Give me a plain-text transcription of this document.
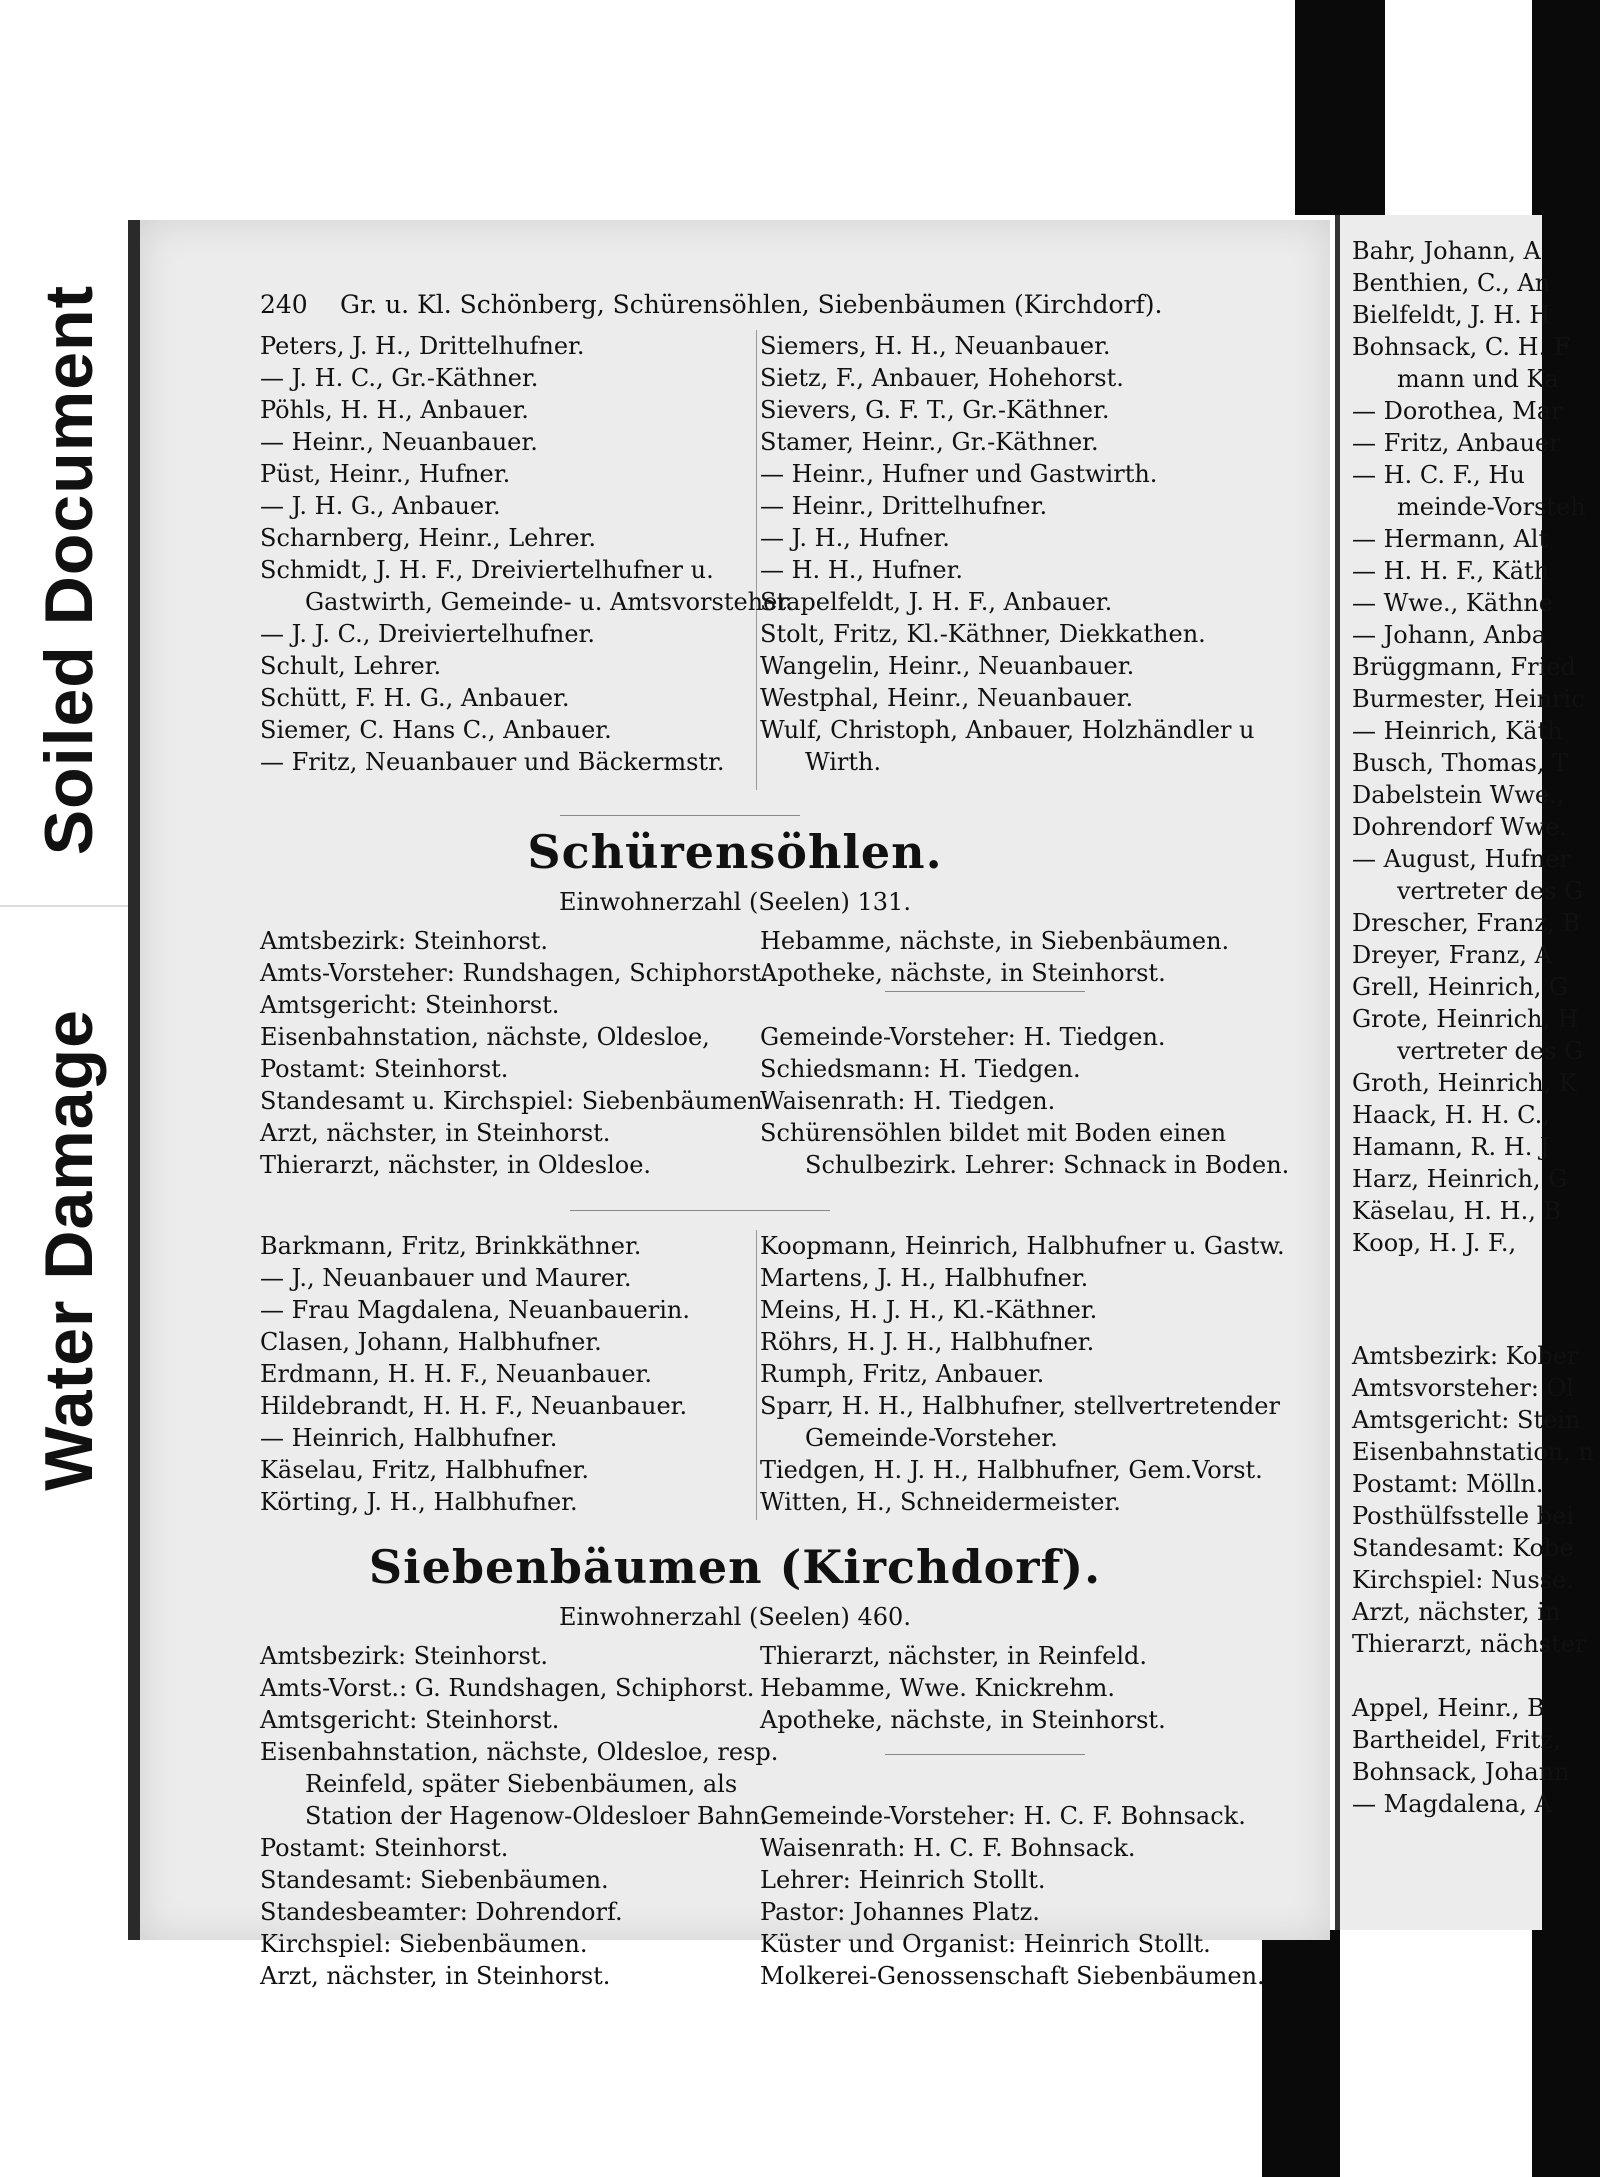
Soiled Document
Water Damage
Bahr, Johann, A
Benthien, C., An
Bielfeldt, J. H. H
Bohnsack, C. H. F
mann und Ka
— Dorothea, Mar
— Fritz, Anbauer
— H. C. F., Hu
meinde-Vorsteh
— Hermann, Alt
— H. H. F., Käth
— Wwe., Käthne
— Johann, Anba
Brüggmann, Fried
Burmester, Heinric
— Heinrich, Käth
Busch, Thomas, T
Dabelstein Wwe.,
Dohrendorf Wwe.
— August, Hufner
vertreter des G
Drescher, Franz, B
Dreyer, Franz, A
Grell, Heinrich, G
Grote, Heinrich, H
vertreter des G
Groth, Heinrich, K
Haack, H. H. C.,
Hamann, R. H. J
Harz, Heinrich, G
Käselau, H. H., B
Koop, H. J. F.,
Amtsbezirk: Kober
Amtsvorsteher: Ol
Amtsgericht: Stein
Eisenbahnstation, n
Postamt: Mölln.
Posthülfsstelle bei
Standesamt: Kobe
Kirchspiel: Nusse.
Arzt, nächster, in
Thierarzt, nächster

Appel, Heinr., B
Bartheidel, Fritz,
Bohnsack, Johann
— Magdalena, A
240 Gr. u. Kl. Schönberg, Schürensöhlen, Siebenbäumen (Kirchdorf).
Peters, J. H., Drittelhufner.
— J. H. C., Gr.-Käthner.
Pöhls, H. H., Anbauer.
— Heinr., Neuanbauer.
Püst, Heinr., Hufner.
— J. H. G., Anbauer.
Scharnberg, Heinr., Lehrer.
Schmidt, J. H. F., Dreiviertelhufner u.
Gastwirth, Gemeinde- u. Amtsvorsteher.
— J. J. C., Dreiviertelhufner.
Schult, Lehrer.
Schütt, F. H. G., Anbauer.
Siemer, C. Hans C., Anbauer.
— Fritz, Neuanbauer und Bäckermstr.
Siemers, H. H., Neuanbauer.
Sietz, F., Anbauer, Hohehorst.
Sievers, G. F. T., Gr.-Käthner.
Stamer, Heinr., Gr.-Käthner.
— Heinr., Hufner und Gastwirth.
— Heinr., Drittelhufner.
— J. H., Hufner.
— H. H., Hufner.
Stapelfeldt, J. H. F., Anbauer.
Stolt, Fritz, Kl.-Käthner, Diekkathen.
Wangelin, Heinr., Neuanbauer.
Westphal, Heinr., Neuanbauer.
Wulf, Christoph, Anbauer, Holzhändler u
Wirth.
Schürensöhlen.
Einwohnerzahl (Seelen) 131.
Amtsbezirk: Steinhorst.
Amts-Vorsteher: Rundshagen, Schiphorst.
Amtsgericht: Steinhorst.
Eisenbahnstation, nächste, Oldesloe,
Postamt: Steinhorst.
Standesamt u. Kirchspiel: Siebenbäumen.
Arzt, nächster, in Steinhorst.
Thierarzt, nächster, in Oldesloe.
Hebamme, nächste, in Siebenbäumen.
Apotheke, nächste, in Steinhorst.

Gemeinde-Vorsteher: H. Tiedgen.
Schiedsmann: H. Tiedgen.
Waisenrath: H. Tiedgen.
Schürensöhlen bildet mit Boden einen
Schulbezirk. Lehrer: Schnack in Boden.
Barkmann, Fritz, Brinkkäthner.
— J., Neuanbauer und Maurer.
— Frau Magdalena, Neuanbauerin.
Clasen, Johann, Halbhufner.
Erdmann, H. H. F., Neuanbauer.
Hildebrandt, H. H. F., Neuanbauer.
— Heinrich, Halbhufner.
Käselau, Fritz, Halbhufner.
Körting, J. H., Halbhufner.
Koopmann, Heinrich, Halbhufner u. Gastw.
Martens, J. H., Halbhufner.
Meins, H. J. H., Kl.-Käthner.
Röhrs, H. J. H., Halbhufner.
Rumph, Fritz, Anbauer.
Sparr, H. H., Halbhufner, stellvertretender
Gemeinde-Vorsteher.
Tiedgen, H. J. H., Halbhufner, Gem.Vorst.
Witten, H., Schneidermeister.
Siebenbäumen (Kirchdorf).
Einwohnerzahl (Seelen) 460.
Amtsbezirk: Steinhorst.
Amts-Vorst.: G. Rundshagen, Schiphorst.
Amtsgericht: Steinhorst.
Eisenbahnstation, nächste, Oldesloe, resp.
Reinfeld, später Siebenbäumen, als
Station der Hagenow-Oldesloer Bahn.
Postamt: Steinhorst.
Standesamt: Siebenbäumen.
Standesbeamter: Dohrendorf.
Kirchspiel: Siebenbäumen.
Arzt, nächster, in Steinhorst.
Thierarzt, nächster, in Reinfeld.
Hebamme, Wwe. Knickrehm.
Apotheke, nächste, in Steinhorst.

Gemeinde-Vorsteher: H. C. F. Bohnsack.
Waisenrath: H. C. F. Bohnsack.
Lehrer: Heinrich Stollt.
Pastor: Johannes Platz.
Küster und Organist: Heinrich Stollt.
Molkerei-Genossenschaft Siebenbäumen.
